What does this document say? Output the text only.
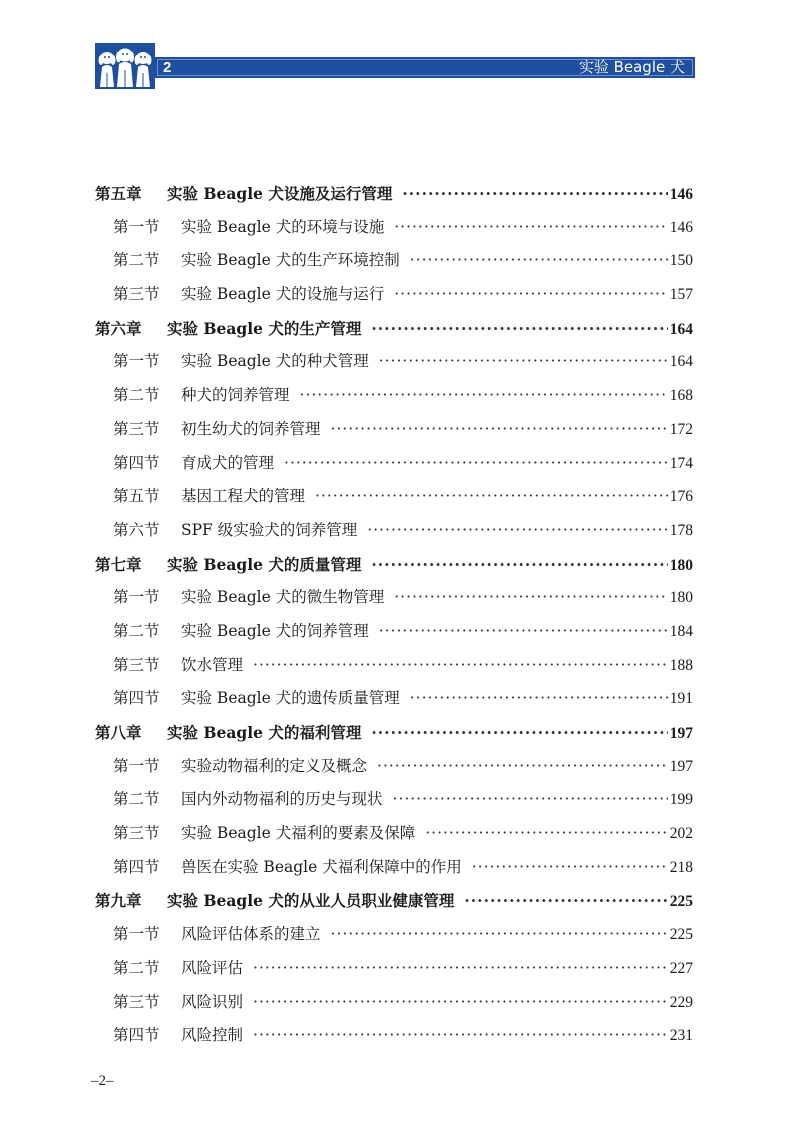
2	实验 Beagle 犬
第五章	实验 Beagle 犬设施及运行管理 ·····	146
第一节	实验 Beagle 犬的环境与设施 ·····	146
第二节	实验 Beagle 犬的生产环境控制 ·····	150
第三节	实验 Beagle 犬的设施与运行 ·····	157
第六章	实验 Beagle 犬的生产管理 ·····	164
第一节	实验 Beagle 犬的种犬管理 ·····	164
第二节	种犬的饲养管理 ·····	168
第三节	初生幼犬的饲养管理 ·····	172
第四节	育成犬的管理 ·····	174
第五节	基因工程犬的管理 ·····	176
第六节	SPF 级实验犬的饲养管理 ·····	178
第七章	实验 Beagle 犬的质量管理 ·····	180
第一节	实验 Beagle 犬的微生物管理 ·····	180
第二节	实验 Beagle 犬的饲养管理 ·····	184
第三节	饮水管理 ·····	188
第四节	实验 Beagle 犬的遗传质量管理 ·····	191
第八章	实验 Beagle 犬的福利管理 ·····	197
第一节	实验动物福利的定义及概念 ·····	197
第二节	国内外动物福利的历史与现状 ·····	199
第三节	实验 Beagle 犬福利的要素及保障 ·····	202
第四节	兽医在实验 Beagle 犬福利保障中的作用 ·····	218
第九章	实验 Beagle 犬的从业人员职业健康管理 ·····	225
第一节	风险评估体系的建立 ·····	225
第二节	风险评估 ·····	227
第三节	风险识别 ·····	229
第四节	风险控制 ·····	231
–2–
